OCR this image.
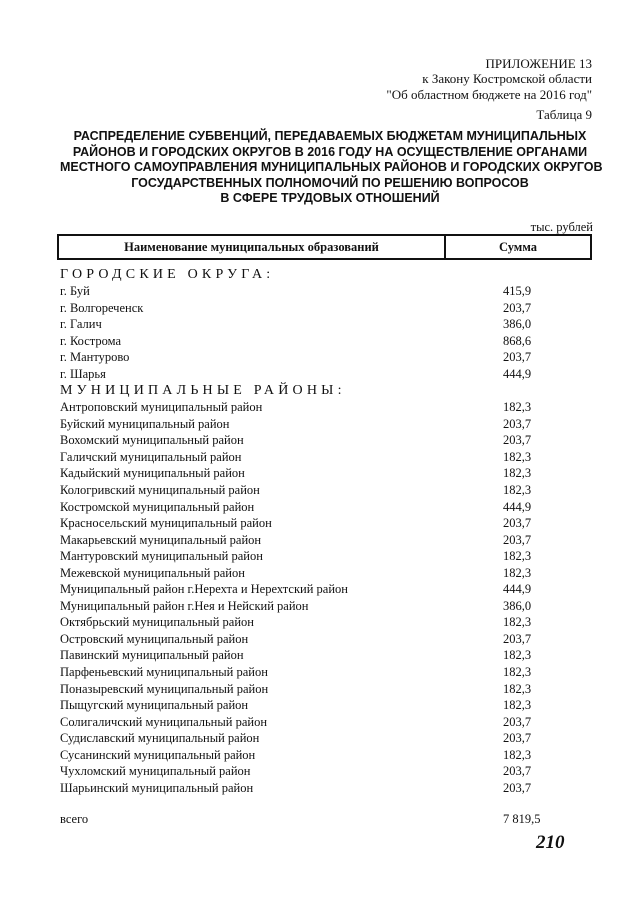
ПРИЛОЖЕНИЕ 13
к Закону Костромской области
"Об областном бюджете на 2016 год"
Таблица 9
РАСПРЕДЕЛЕНИЕ СУБВЕНЦИЙ, ПЕРЕДАВАЕМЫХ БЮДЖЕТАМ МУНИЦИПАЛЬНЫХ
РАЙОНОВ И ГОРОДСКИХ ОКРУГОВ В 2016 ГОДУ НА ОСУЩЕСТВЛЕНИЕ ОРГАНАМИ
МЕСТНОГО САМОУПРАВЛЕНИЯ МУНИЦИПАЛЬНЫХ РАЙОНОВ И ГОРОДСКИХ ОКРУГОВ
ГОСУДАРСТВЕННЫХ ПОЛНОМОЧИЙ ПО РЕШЕНИЮ ВОПРОСОВ
В СФЕРЕ ТРУДОВЫХ ОТНОШЕНИЙ
тыс. рублей
Наименование муниципальных образований	Сумма
ГОРОДСКИЕ ОКРУГА:
г. Буй	415,9
г. Волгореченск	203,7
г. Галич	386,0
г. Кострома	868,6
г. Мантурово	203,7
г. Шарья	444,9
МУНИЦИПАЛЬНЫЕ РАЙОНЫ:
Антроповский муниципальный район	182,3
Буйский муниципальный район	203,7
Вохомский муниципальный район	203,7
Галичский муниципальный район	182,3
Кадыйский муниципальный район	182,3
Кологривский муниципальный район	182,3
Костромской муниципальный район	444,9
Красносельский муниципальный район	203,7
Макарьевский муниципальный район	203,7
Мантуровский муниципальный район	182,3
Межевской муниципальный район	182,3
Муниципальный район г.Нерехта и Нерехтский район	444,9
Муниципальный район г.Нея и Нейский район	386,0
Октябрьский муниципальный район	182,3
Островский муниципальный район	203,7
Павинский муниципальный район	182,3
Парфеньевский муниципальный район	182,3
Поназыревский муниципальный район	182,3
Пыщугский муниципальный район	182,3
Солигаличский муниципальный район	203,7
Судиславский муниципальный район	203,7
Сусанинский муниципальный район	182,3
Чухломский муниципальный район	203,7
Шарьинский муниципальный район	203,7
всего	7 819,5
210
